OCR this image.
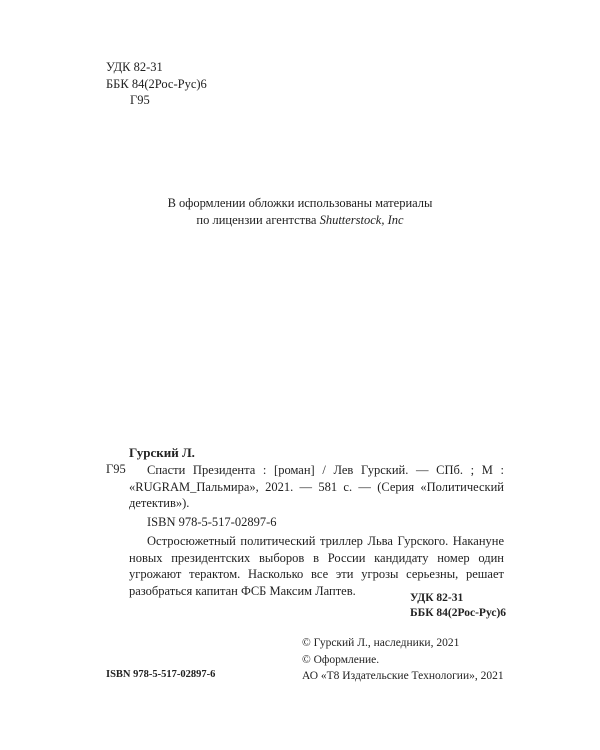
УДК 82-31
ББК 84(2Рос-Рус)6
Г95
В оформлении обложки использованы материалы
по лицензии агентства Shutterstock, Inc
Гурский Л.
Г95	Спасти Президента : [роман] / Лев Гурский. — СПб. ; М : «RUGRAM_Пальмира», 2021. — 581 с. — (Серия «Политический детектив»).
ISBN 978-5-517-02897-6
Остросюжетный политический триллер Льва Гурского. Накануне новых президентских выборов в России кандидату номер один угрожают терактом. Насколько все эти угрозы серьезны, решает разобраться капитан ФСБ Максим Лаптев.
УДК 82-31
ББК 84(2Рос-Рус)6
© Гурский Л., наследники, 2021
© Оформление.
АО «Т8 Издательские Технологии», 2021
ISBN 978-5-517-02897-6
